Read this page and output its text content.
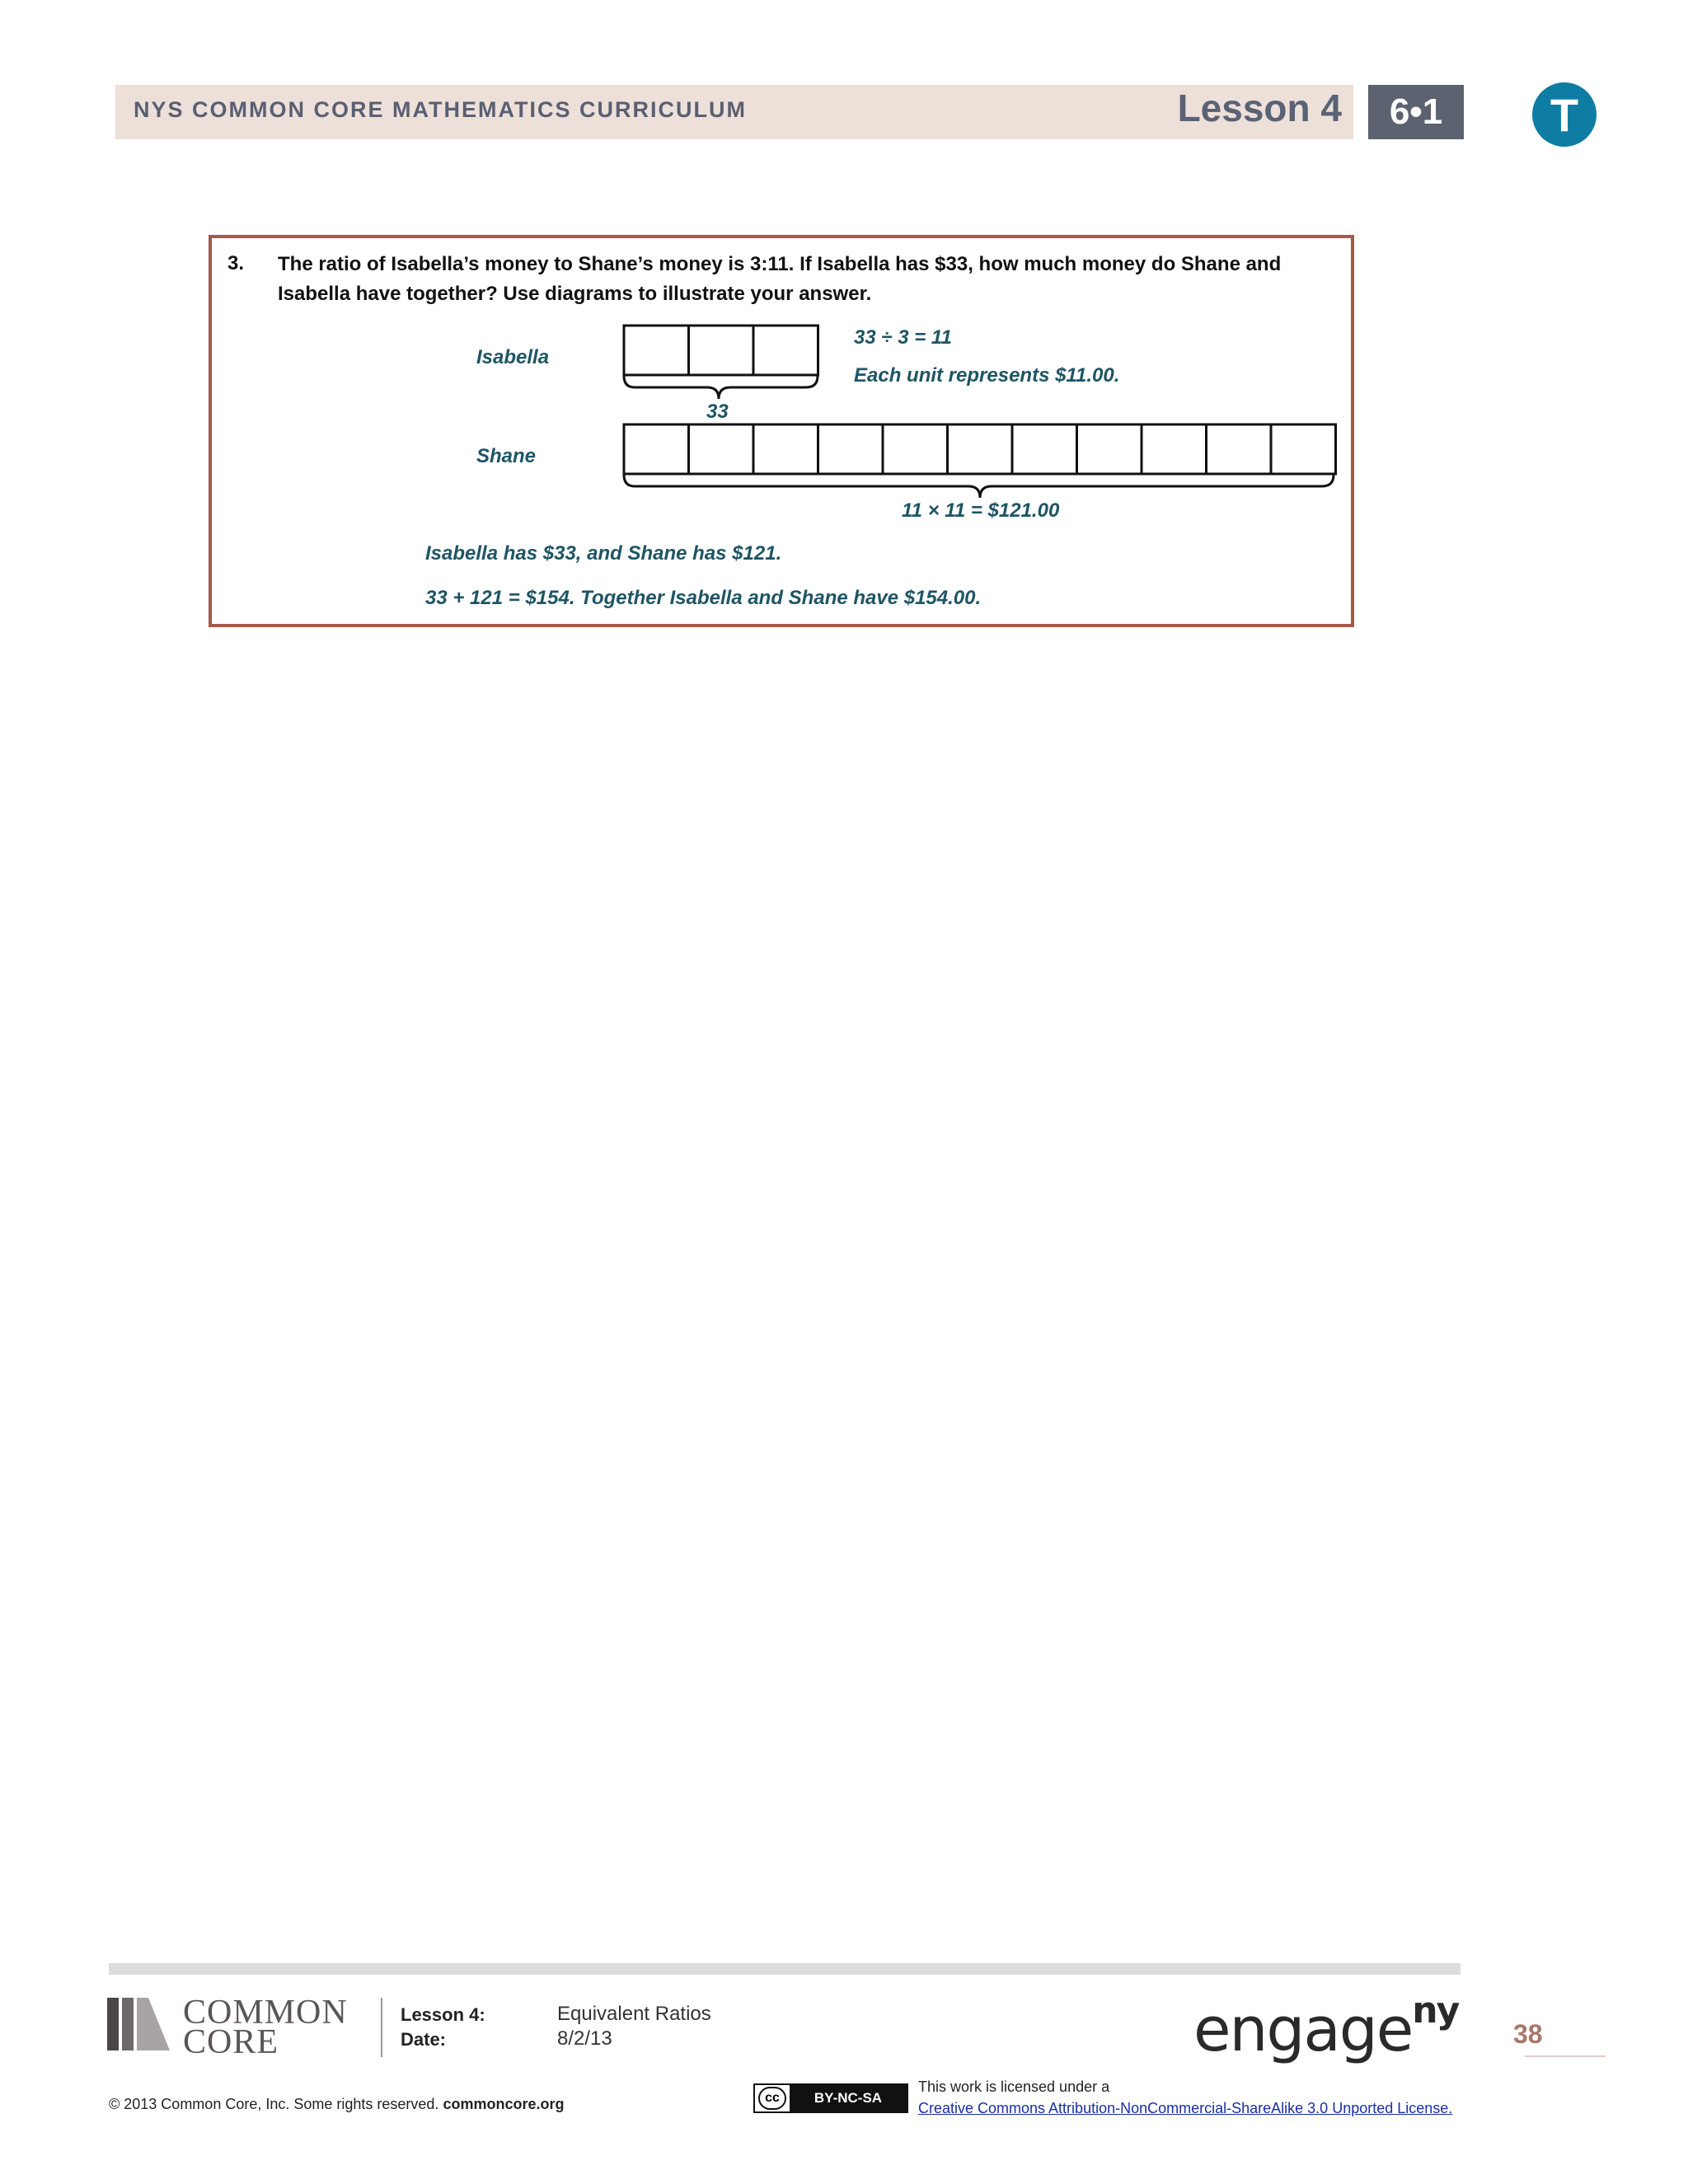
NYS COMMON CORE MATHEMATICS CURRICULUM	Lesson 4	6•1	T
3. The ratio of Isabella’s money to Shane’s money is 3:11. If Isabella has $33, how much money do Shane and Isabella have together? Use diagrams to illustrate your answer.
Isabella
33 ÷ 3 = 11
Each unit represents $11.00.
33
Shane
11 × 11 = $121.00
Isabella has $33, and Shane has $121.
33 + 121 = $154. Together Isabella and Shane have $154.00.
COMMON
CORE
Lesson 4:	Equivalent Ratios
Date:	8/2/13	engage$^{ny}$
38
© 2013 Common Core, Inc. Some rights reserved. commoncore.org	cc	BY-NC-SA
This work is licensed under a
Creative Commons Attribution-NonCommercial-ShareAlike 3.0 Unported License.
